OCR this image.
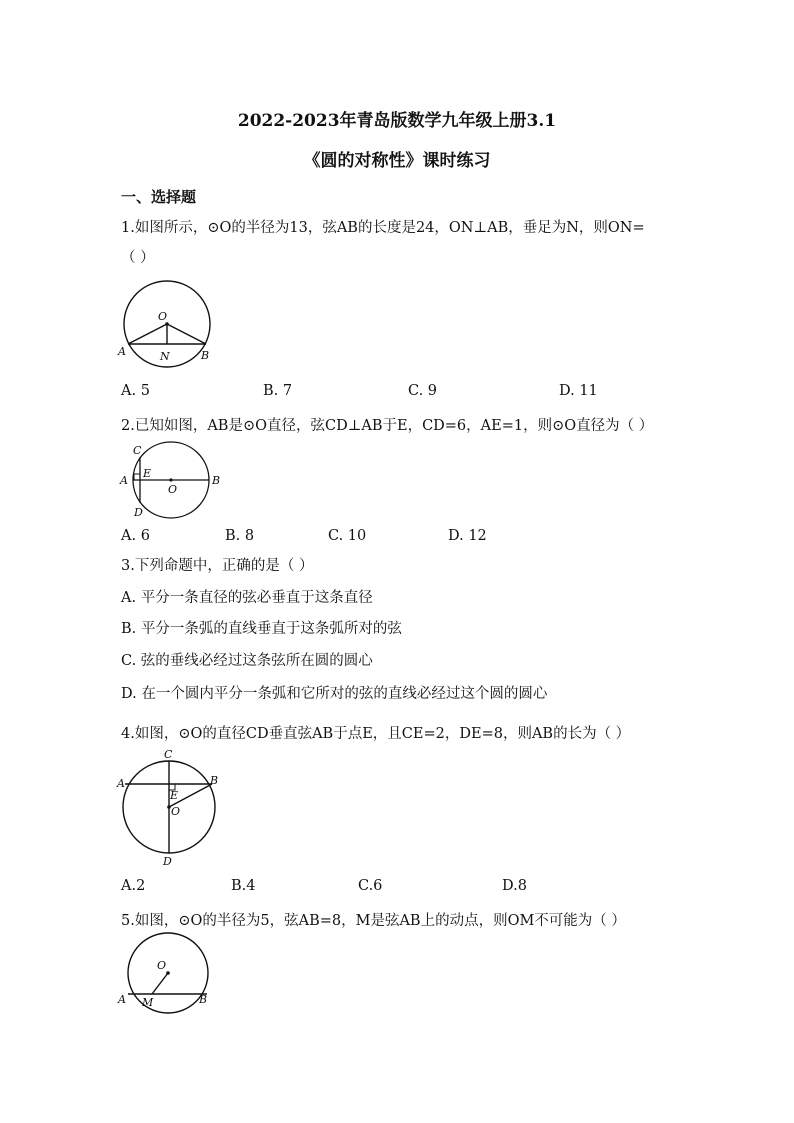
2022-2023年青岛版数学九年级上册3.1
《圆的对称性》课时练习
一、选择题
1.如图所示，⊙O的半径为13，弦AB的长度是24，ON⊥AB，垂足为N，则ON=
（ ）
O
A	N	B
A. 5	B. 7	C. 9	D. 11
2.已知如图，AB是⊙O直径，弦CD⊥AB于E，CD=6，AE=1，则⊙O直径为（ ）
C
A
E
O
B
D
A. 6	B. 8	C. 10	D. 12
3.下列命题中，正确的是（ ）
A. 平分一条直径的弦必垂直于这条直径
B. 平分一条弧的直线垂直于这条弧所对的弦
C. 弦的垂线必经过这条弦所在圆的圆心
D. 在一个圆内平分一条弧和它所对的弦的直线必经过这个圆的圆心
4.如图，⊙O的直径CD垂直弦AB于点E，且CE=2，DE=8，则AB的长为（ ）
C
A	B
E
O
D
A.2	B.4	C.6	D.8
5.如图，⊙O的半径为5，弦AB=8，M是弦AB上的动点，则OM不可能为（ ）
O
A M	B
